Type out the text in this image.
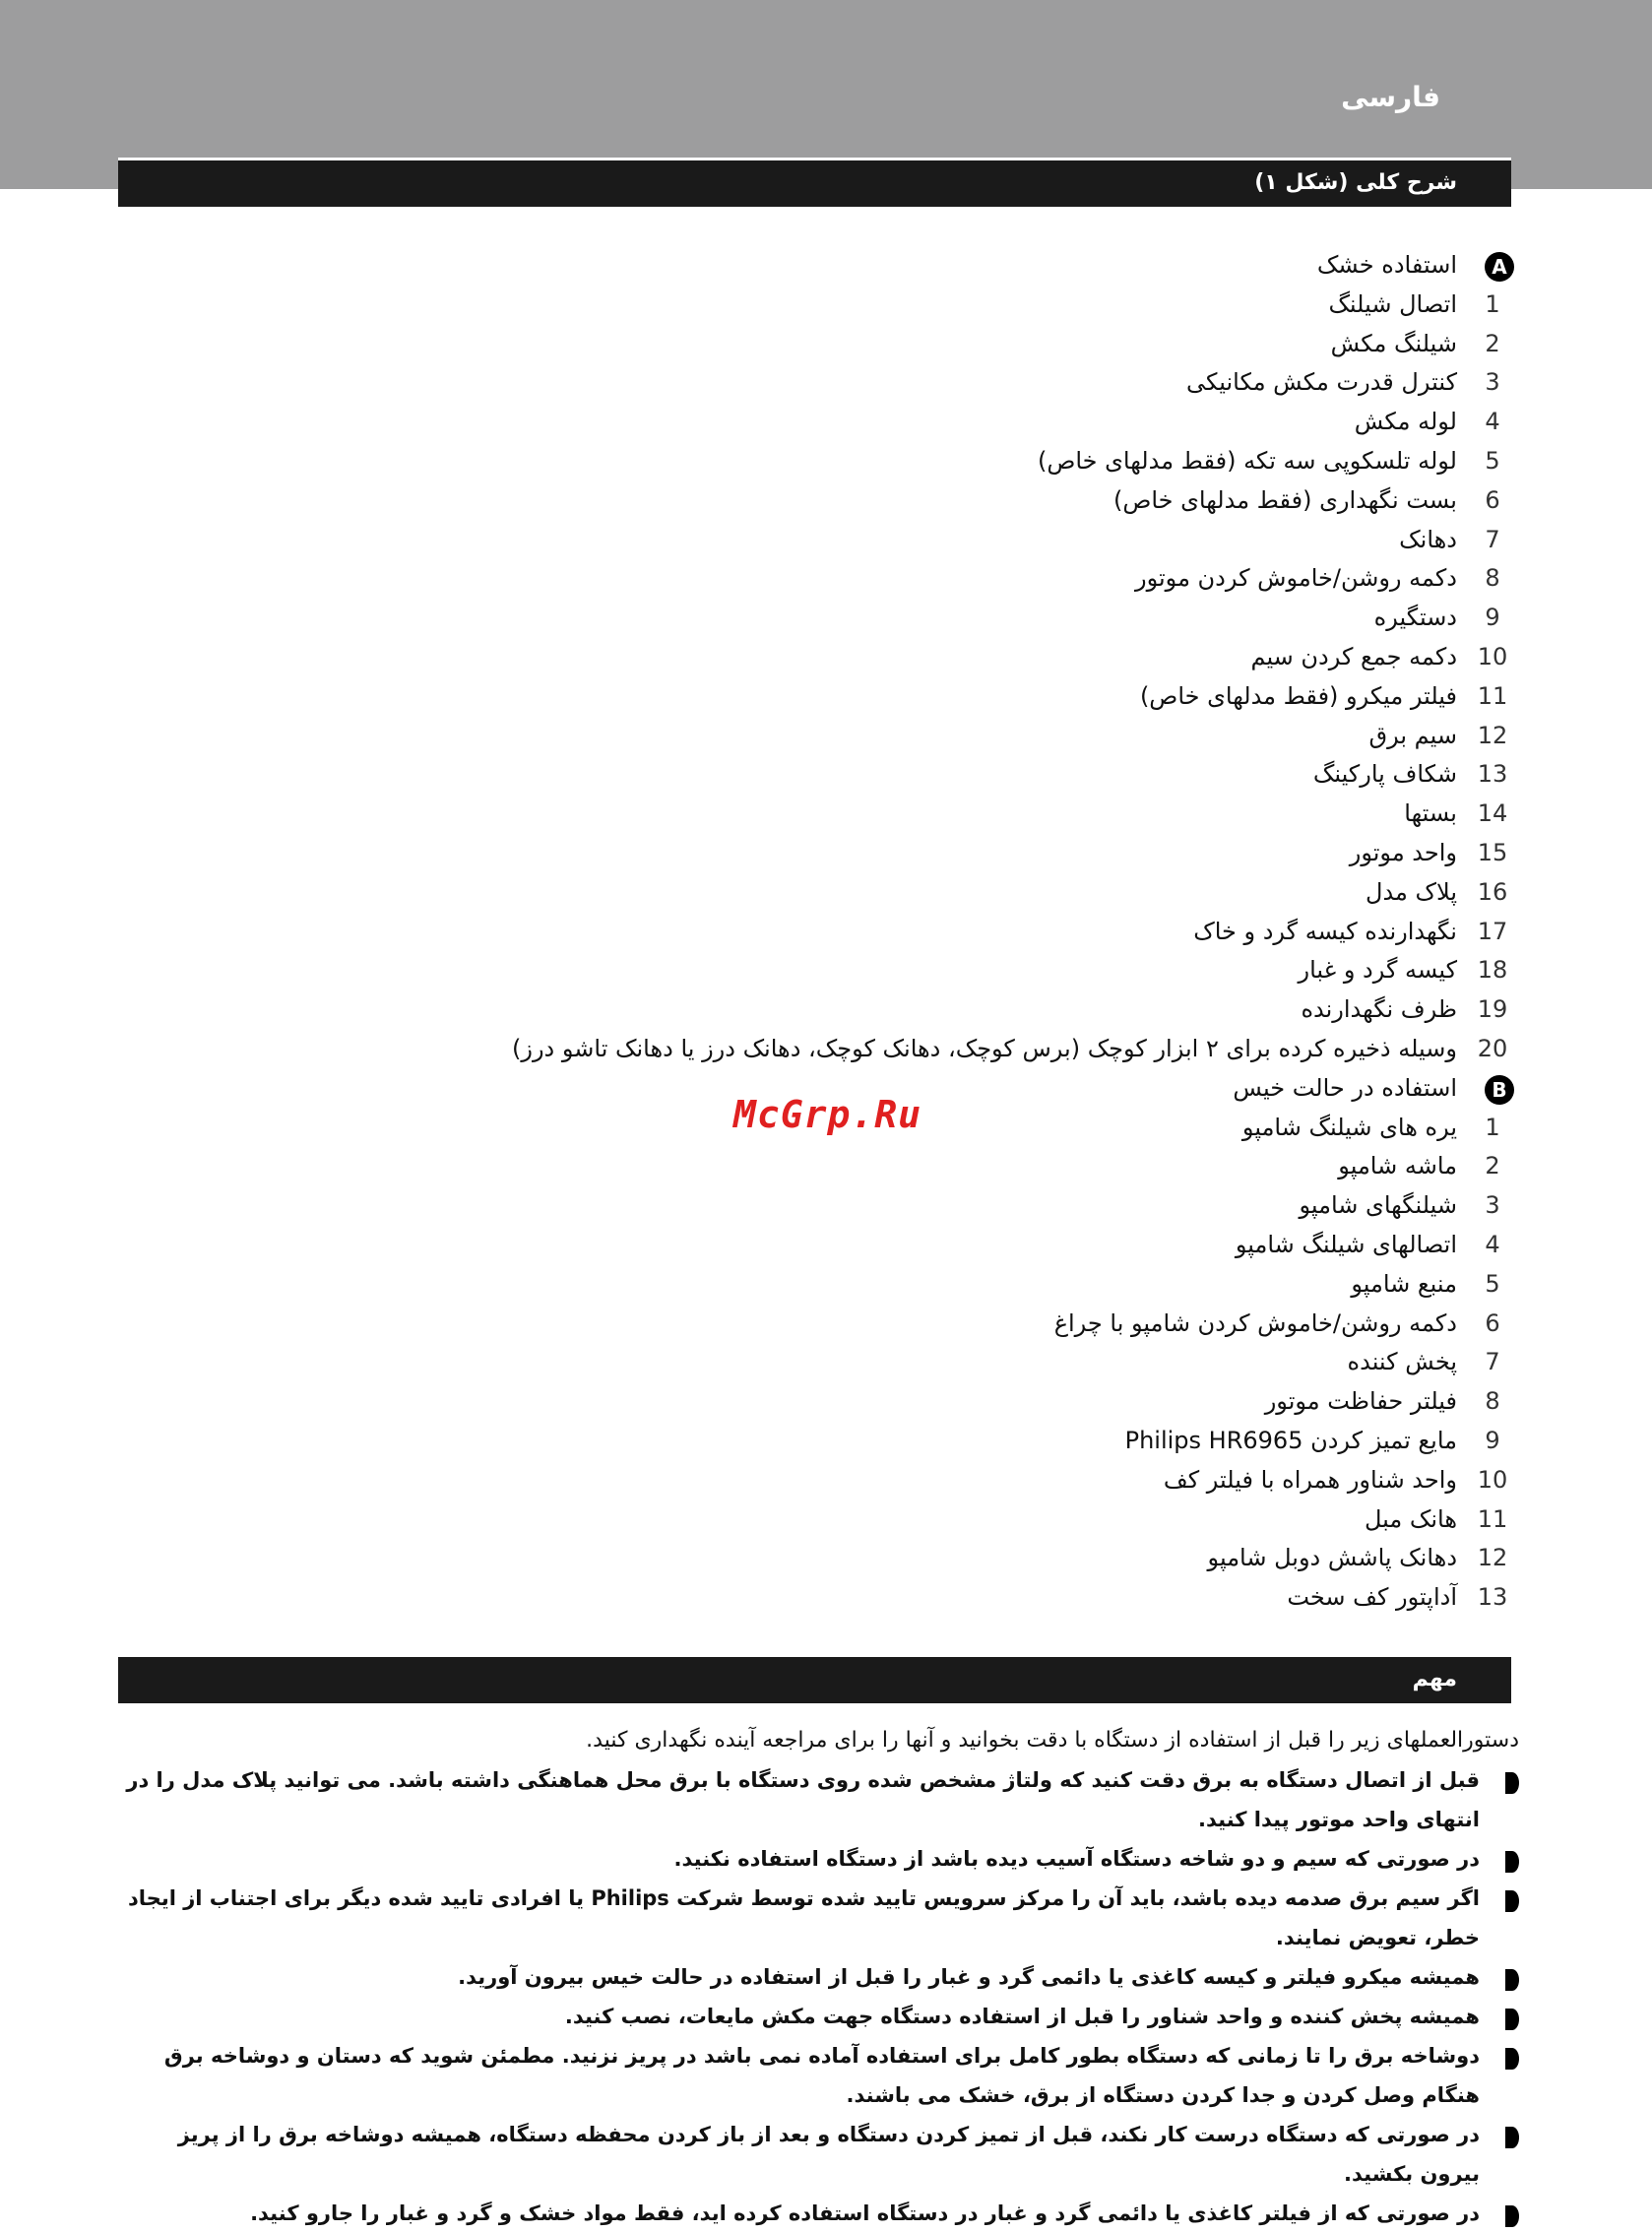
فارسی
شرح کلی (شکل ۱)
A
استفاده خشک
1
اتصال شیلنگ
2
شیلنگ مکش
3
کنترل قدرت مکش مکانیکی
4
لوله مکش
5
لوله تلسکوپی سه تکه (فقط مدلهای خاص)
6
بست نگهداری (فقط مدلهای خاص)
7
دهانک
8
دکمه روشن/خاموش کردن موتور
9
دستگیره
10
دکمه جمع کردن سیم
11
فیلتر میکرو (فقط مدلهای خاص)
12
سیم برق
13
شکاف پارکینگ
14
بستها
15
واحد موتور
16
پلاک مدل
17
نگهدارنده کیسه گرد و خاک
18
کیسه گرد و غبار
19
ظرف نگهدارنده
20
وسیله ذخیره کرده برای ۲ ابزار کوچک (برس کوچک، دهانک کوچک، دهانک درز یا دهانک تاشو درز)
B
استفاده در حالت خیس
1
یره های شیلنگ شامپو
2
ماشه شامپو
3
شیلنگهای شامپو
4
اتصالهای شیلنگ شامپو
5
منبع شامپو
6
دکمه روشن/خاموش کردن شامپو با چراغ
7
پخش کننده
8
فیلتر حفاظت موتور
9
مایع تمیز کردن Philips HR6965
10
واحد شناور همراه با فیلتر کف
11
هانک مبل
12
دهانک پاشش دوبل شامپو
13
آداپتور کف سخت
McGrp.Ru
مهم
دستورالعملهای زیر را قبل از استفاده از دستگاه با دقت بخوانید و آنها را برای مراجعه آینده نگهداری کنید.
قبل از اتصال دستگاه به برق دقت کنید که ولتاژ مشخص شده روی دستگاه با برق محل هماهنگی داشته باشد. می توانید پلاک مدل را در انتهای واحد موتور پیدا کنید.
در صورتی که سیم و دو شاخه دستگاه آسیب دیده باشد از دستگاه استفاده نکنید.
اگر سیم برق صدمه دیده باشد، باید آن را مرکز سرویس تایید شده توسط شرکت Philips یا افرادی تایید شده دیگر برای اجتناب از ایجاد خطر، تعویض نمایند.
همیشه میکرو فیلتر و کیسه کاغذی یا دائمی گرد و غبار را قبل از استفاده در حالت خیس بیرون آورید.
همیشه پخش کننده و واحد شناور را قبل از استفاده دستگاه جهت مکش مایعات، نصب کنید.
دوشاخه برق را تا زمانی که دستگاه بطور کامل برای استفاده آماده نمی باشد در پریز نزنید. مطمئن شوید که دستان و دوشاخه برق هنگام وصل کردن و جدا کردن دستگاه از برق، خشک می باشند.
در صورتی که دستگاه درست کار نکند، قبل از تمیز کردن دستگاه و بعد از باز کردن محفظه دستگاه، همیشه دوشاخه برق را از پریز بیرون بکشید.
در صورتی که از فیلتر کاغذی یا دائمی گرد و غبار در دستگاه استفاده کرده اید، فقط مواد خشک و گرد و غبار را جارو کنید.
